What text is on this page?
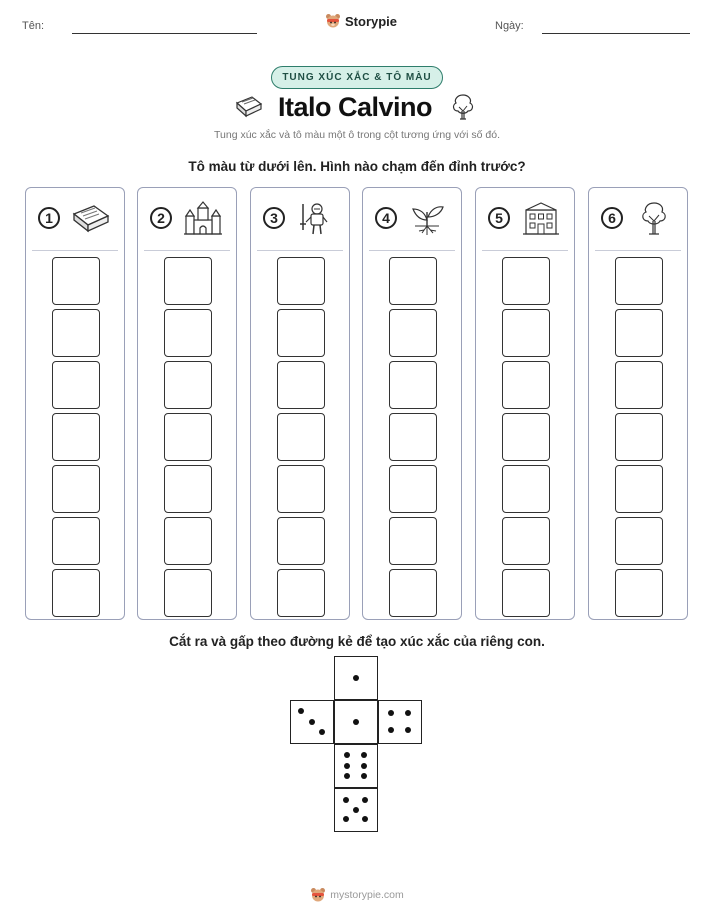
Tên:	Storypie	Ngày:
TUNG XÚC XẮC & TÔ MÀU
Italo Calvino
Tung xúc xắc và tô màu một ô trong cột tương ứng với số đó.
Tô màu từ dưới lên. Hình nào chạm đến đỉnh trước?
1	2	3	4	5	6
Cắt ra và gấp theo đường kẻ để tạo xúc xắc của riêng con.
mystorypie.com
